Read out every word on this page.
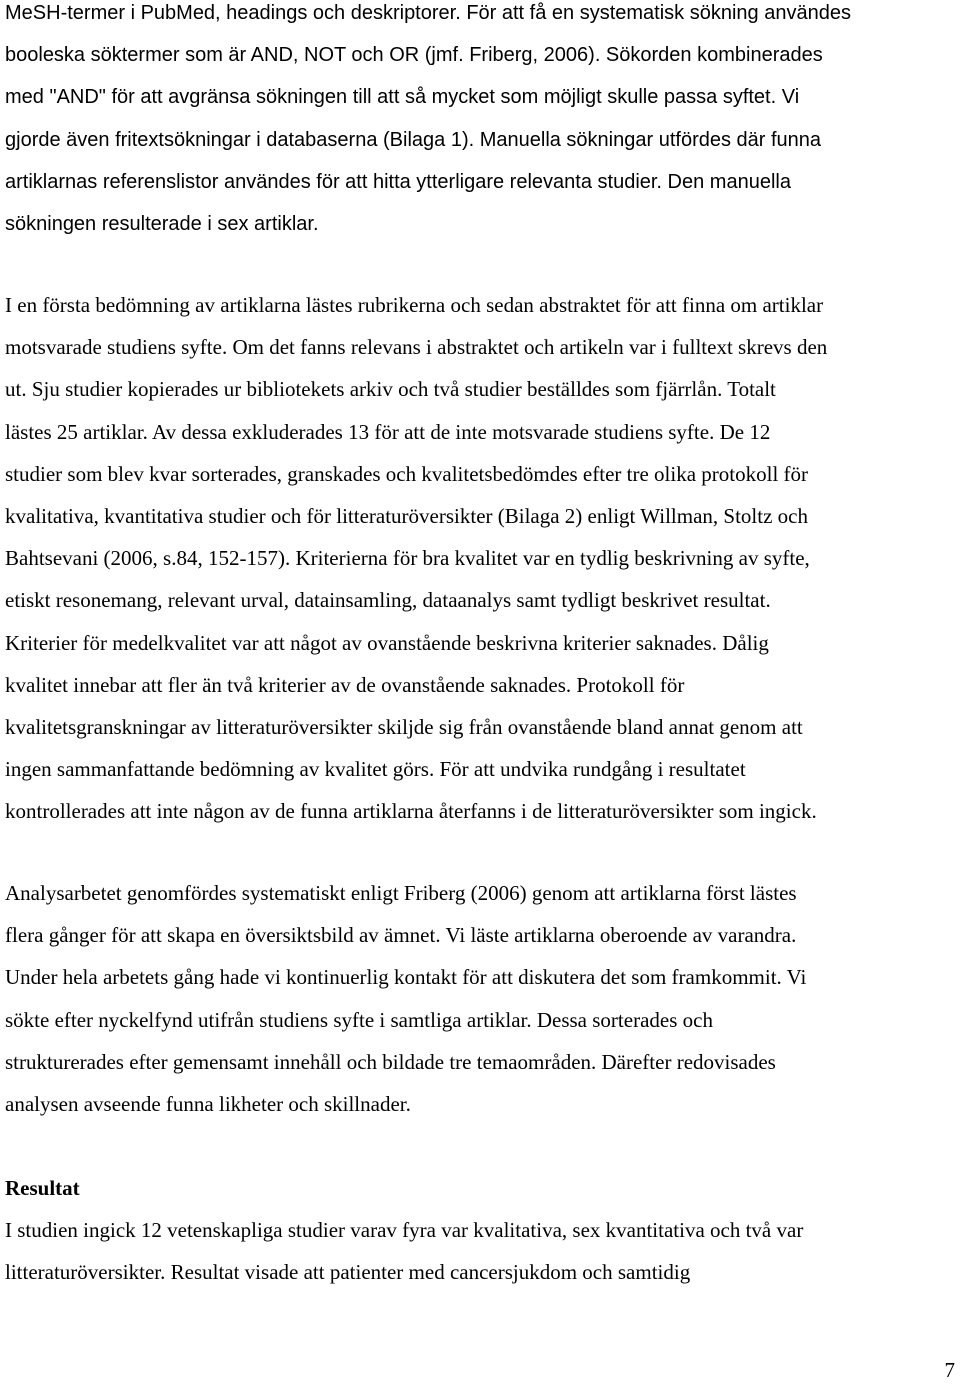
MeSH-termer i PubMed, headings och deskriptorer. För att få en systematisk sökning användes
booleska söktermer som är AND, NOT och OR (jmf. Friberg, 2006). Sökorden kombinerades
med "AND" för att avgränsa sökningen till att så mycket som möjligt skulle passa syftet. Vi
gjorde även fritextsökningar i databaserna (Bilaga 1). Manuella sökningar utfördes där funna
artiklarnas referenslistor användes för att hitta ytterligare relevanta studier. Den manuella
sökningen resulterade i sex artiklar.

I en första bedömning av artiklarna lästes rubrikerna och sedan abstraktet för att finna om artiklar
motsvarade studiens syfte. Om det fanns relevans i abstraktet och artikeln var i fulltext skrevs den
ut. Sju studier kopierades ur bibliotekets arkiv och två studier beställdes som fjärrlån. Totalt
lästes 25 artiklar. Av dessa exkluderades 13 för att de inte motsvarade studiens syfte. De 12
studier som blev kvar sorterades, granskades och kvalitetsbedömdes efter tre olika protokoll för
kvalitativa, kvantitativa studier och för litteraturöversikter (Bilaga 2) enligt Willman, Stoltz och
Bahtsevani (2006, s.84, 152-157). Kriterierna för bra kvalitet var en tydlig beskrivning av syfte,
etiskt resonemang, relevant urval, datainsamling, dataanalys samt tydligt beskrivet resultat.
Kriterier för medelkvalitet var att något av ovanstående beskrivna kriterier saknades. Dålig
kvalitet innebar att fler än två kriterier av de ovanstående saknades. Protokoll för
kvalitetsgranskningar av litteraturöversikter skiljde sig från ovanstående bland annat genom att
ingen sammanfattande bedömning av kvalitet görs. För att undvika rundgång i resultatet
kontrollerades att inte någon av de funna artiklarna återfanns i de litteraturöversikter som ingick.

Analysarbetet genomfördes systematiskt enligt Friberg (2006) genom att artiklarna först lästes
flera gånger för att skapa en översiktsbild av ämnet. Vi läste artiklarna oberoende av varandra.
Under hela arbetets gång hade vi kontinuerlig kontakt för att diskutera det som framkommit. Vi
sökte efter nyckelfynd utifrån studiens syfte i samtliga artiklar. Dessa sorterades och
strukturerades efter gemensamt innehåll och bildade tre temaområden. Därefter redovisades
analysen avseende funna likheter och skillnader.

Resultat

I studien ingick 12 vetenskapliga studier varav fyra var kvalitativa, sex kvantitativa och två var
litteraturöversikter. Resultat visade att patienter med cancersjukdom och samtidig

7
